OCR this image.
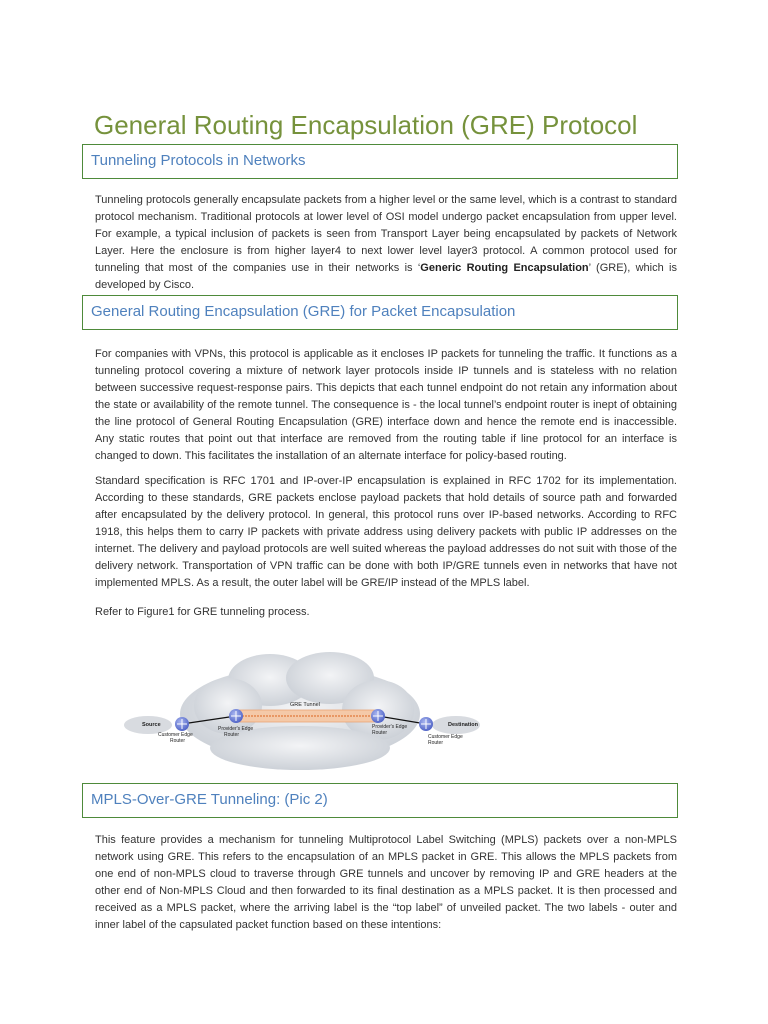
General Routing Encapsulation (GRE) Protocol
Tunneling Protocols in Networks

Tunneling protocols generally encapsulate packets from a higher level or the same level, which is a contrast to standard protocol mechanism. Traditional protocols at lower level of OSI model undergo packet encapsulation from upper level. For example, a typical inclusion of packets is seen from Transport Layer being encapsulated by packets of Network Layer. Here the enclosure is from higher layer4 to next lower level layer3 protocol. A common protocol used for tunneling that most of the companies use in their networks is ‘Generic Routing Encapsulation’ (GRE), which is developed by Cisco.

General Routing Encapsulation (GRE) for Packet Encapsulation

For companies with VPNs, this protocol is applicable as it encloses IP packets for tunneling the traffic. It functions as a tunneling protocol covering a mixture of network layer protocols inside IP tunnels and is stateless with no relation between successive request-response pairs. This depicts that each tunnel endpoint do not retain any information about the state or availability of the remote tunnel. The consequence is - the local tunnel’s endpoint router is inept of obtaining the line protocol of General Routing Encapsulation (GRE) interface down and hence the remote end is inaccessible. Any static routes that point out that interface are removed from the routing table if line protocol for an interface is changed to down. This facilitates the installation of an alternate interface for policy-based routing.

Standard specification is RFC 1701 and IP-over-IP encapsulation is explained in RFC 1702 for its implementation. According to these standards, GRE packets enclose payload packets that hold details of source path and forwarded after encapsulated by the delivery protocol. In general, this protocol runs over IP-based networks. According to RFC 1918, this helps them to carry IP packets with private address using delivery packets with public IP addresses on the internet. The delivery and payload protocols are well suited whereas the payload addresses do not suit with those of the delivery network. Transportation of VPN traffic can be done with both IP/GRE tunnels even in networks that have not implemented MPLS. As a result, the outer label will be GRE/IP instead of the MPLS label.

Refer to Figure1 for GRE tunneling process.

GRE Tunnel
Source	Destination
Customer Edge
Router
Provider's Edge
Router
Provider's Edge
Router
Customer Edge
Router
MPLS-Over-GRE Tunneling: (Pic 2)

This feature provides a mechanism for tunneling Multiprotocol Label Switching (MPLS) packets over a non-MPLS network using GRE. This refers to the encapsulation of an MPLS packet in GRE. This allows the MPLS packets from one end of non-MPLS cloud to traverse through GRE tunnels and uncover by removing IP and GRE headers at the other end of Non-MPLS Cloud and then forwarded to its final destination as a MPLS packet. It is then processed and received as a MPLS packet, where the arriving label is the “top label” of unveiled packet. The two labels - outer and inner label of the capsulated packet function based on these intentions:
